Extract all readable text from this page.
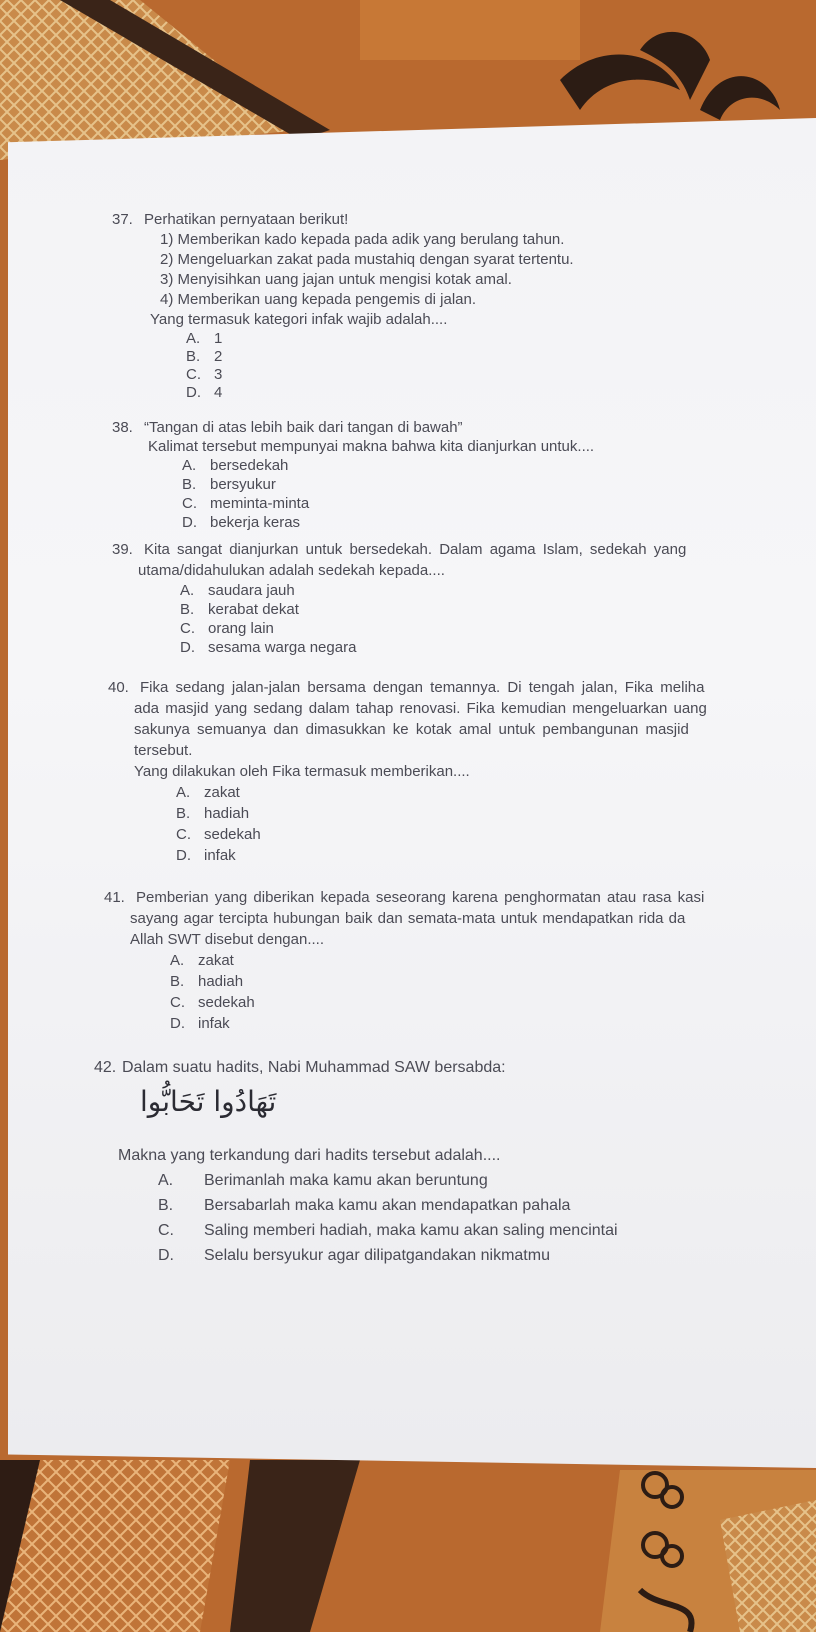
37. Perhatikan pernyataan berikut!
1) Memberikan kado kepada pada adik yang berulang tahun.
2) Mengeluarkan zakat pada mustahiq dengan syarat tertentu.
3) Menyisihkan uang jajan untuk mengisi kotak amal.
4) Memberikan uang kepada pengemis di jalan.
Yang termasuk kategori infak wajib adalah....
A. 1
B. 2
C. 3
D. 4
38. “Tangan di atas lebih baik dari tangan di bawah”
Kalimat tersebut mempunyai makna bahwa kita dianjurkan untuk....
A. bersedekah
B. bersyukur
C. meminta-minta
D. bekerja keras
39. Kita sangat dianjurkan untuk bersedekah. Dalam agama Islam, sedekah yang
utama/didahulukan adalah sedekah kepada....
A. saudara jauh
B. kerabat dekat
C. orang lain
D. sesama warga negara
40. Fika sedang jalan-jalan bersama dengan temannya. Di tengah jalan, Fika meliha
ada masjid yang sedang dalam tahap renovasi. Fika kemudian mengeluarkan uang
sakunya semuanya dan dimasukkan ke kotak amal untuk pembangunan masjid
tersebut.
Yang dilakukan oleh Fika termasuk memberikan....
A. zakat
B. hadiah
C. sedekah
D. infak
41. Pemberian yang diberikan kepada seseorang karena penghormatan atau rasa kasi
sayang agar tercipta hubungan baik dan semata-mata untuk mendapatkan rida da
Allah SWT disebut dengan....
A. zakat
B. hadiah
C. sedekah
D. infak
42. Dalam suatu hadits, Nabi Muhammad SAW bersabda:
تَهَادُوا تَحَابُّوا
Makna yang terkandung dari hadits tersebut adalah....
A. Berimanlah maka kamu akan beruntung
B. Bersabarlah maka kamu akan mendapatkan pahala
C. Saling memberi hadiah, maka kamu akan saling mencintai
D. Selalu bersyukur agar dilipatgandakan nikmatmu
